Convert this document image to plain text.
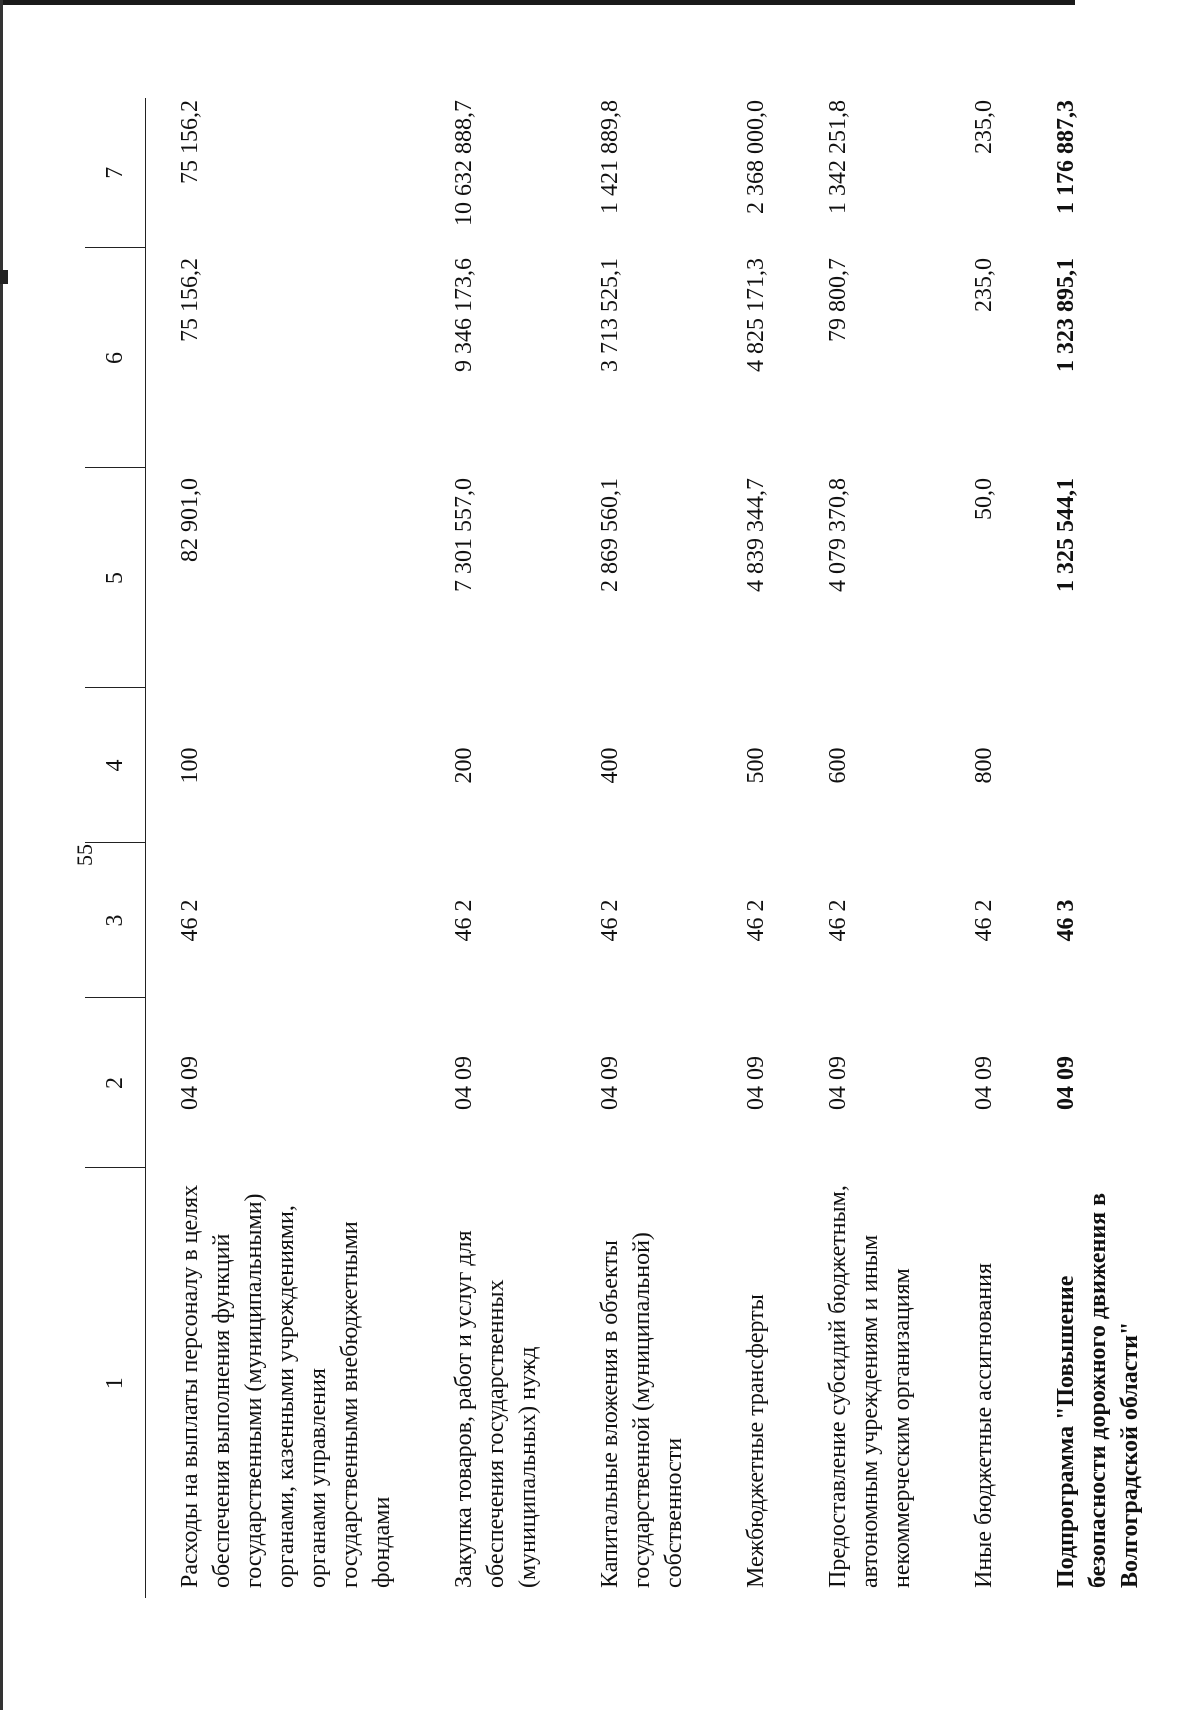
55
1	2	3	4	5	6	7
Расходы на выплаты персоналу в целях обеспечения выполнения функций государственными (муниципальными) органами, казенными учреждениями, органами управления государственными внебюджетными фондами	04 09	46 2	100	82 901,0	75 156,2	75 156,2
Закупка товаров, работ и услуг для обеспечения государственных (муниципальных) нужд	04 09	46 2	200	7 301 557,0	9 346 173,6	10 632 888,7
Капитальные вложения в объекты государственной (муниципальной) собственности	04 09	46 2	400	2 869 560,1	3 713 525,1	1 421 889,8
Межбюджетные трансферты	04 09	46 2	500	4 839 344,7	4 825 171,3	2 368 000,0
Предоставление субсидий бюджетным, автономным учреждениям и иным некоммерческим организациям	04 09	46 2	600	4 079 370,8	79 800,7	1 342 251,8
Иные бюджетные ассигнования	04 09	46 2	800	50,0	235,0	235,0
Подпрограмма "Повышение безопасности дорожного движения в Волгоградской области"	04 09	46 3		1 325 544,1	1 323 895,1	1 176 887,3
